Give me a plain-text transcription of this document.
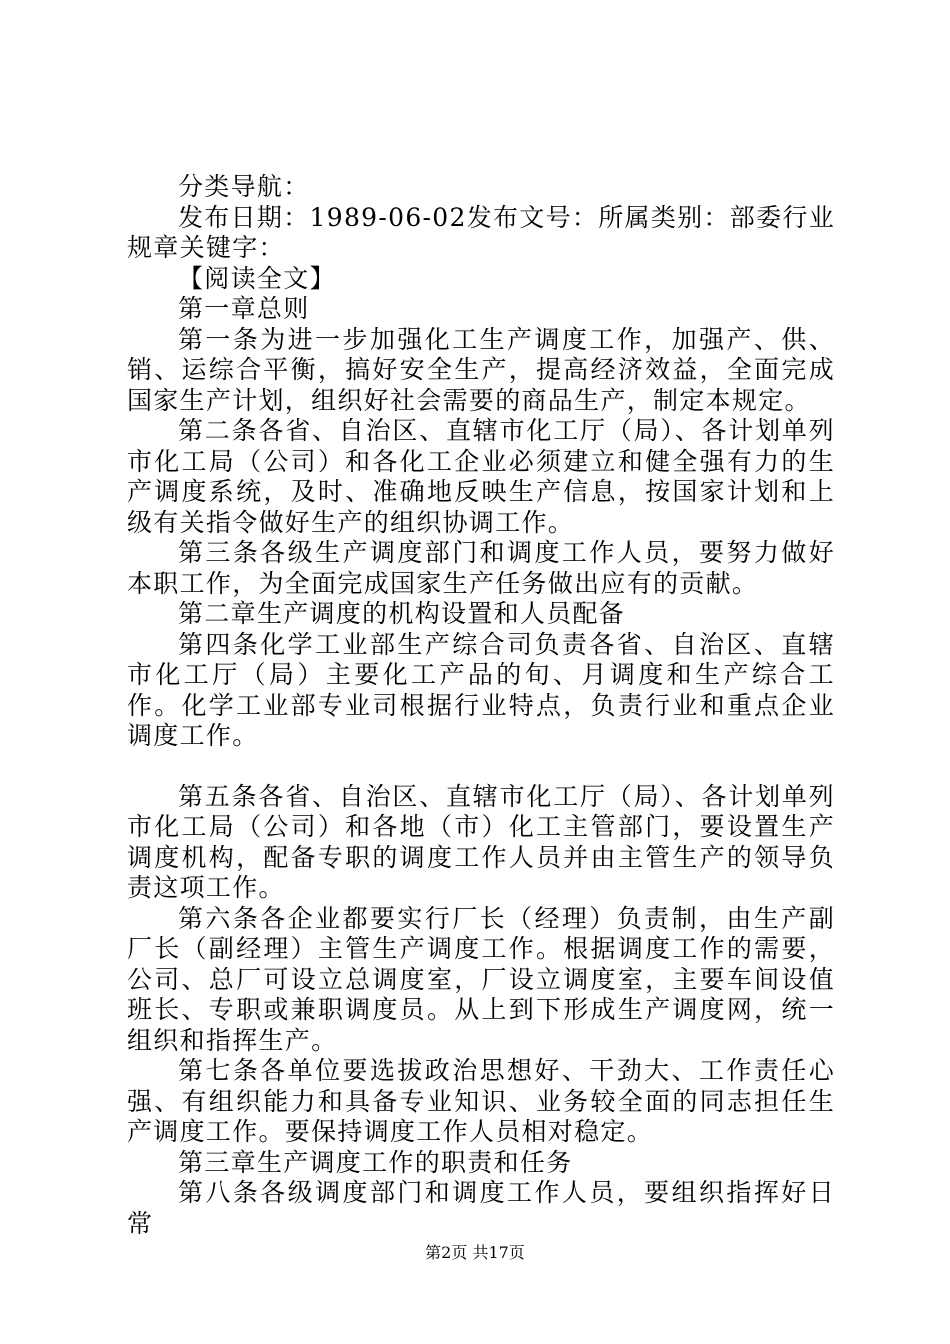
分类导航：

发布日期：1989-06-02发布文号：所属类别：部委行业规章关键字：

【阅读全文】

第一章总则

第一条为进一步加强化工生产调度工作，加强产、供、销、运综合平衡，搞好安全生产，提高经济效益，全面完成国家生产计划，组织好社会需要的商品生产，制定本规定。

第二条各省、自治区、直辖市化工厅（局）、各计划单列市化工局（公司）和各化工企业必须建立和健全强有力的生产调度系统，及时、准确地反映生产信息，按国家计划和上级有关指令做好生产的组织协调工作。

第三条各级生产调度部门和调度工作人员，要努力做好本职工作，为全面完成国家生产任务做出应有的贡献。

第二章生产调度的机构设置和人员配备

第四条化学工业部生产综合司负责各省、自治区、直辖市化工厅（局）主要化工产品的旬、月调度和生产综合工作。化学工业部专业司根据行业特点，负责行业和重点企业调度工作。

第五条各省、自治区、直辖市化工厅（局）、各计划单列市化工局（公司）和各地（市）化工主管部门，要设置生产调度机构，配备专职的调度工作人员并由主管生产的领导负责这项工作。

第六条各企业都要实行厂长（经理）负责制，由生产副厂长（副经理）主管生产调度工作。根据调度工作的需要，公司、总厂可设立总调度室，厂设立调度室，主要车间设值班长、专职或兼职调度员。从上到下形成生产调度网，统一组织和指挥生产。

第七条各单位要选拔政治思想好、干劲大、工作责任心强、有组织能力和具备专业知识、业务较全面的同志担任生产调度工作。要保持调度工作人员相对稳定。

第三章生产调度工作的职责和任务

第八条各级调度部门和调度工作人员，要组织指挥好日常

第2页 共17页
